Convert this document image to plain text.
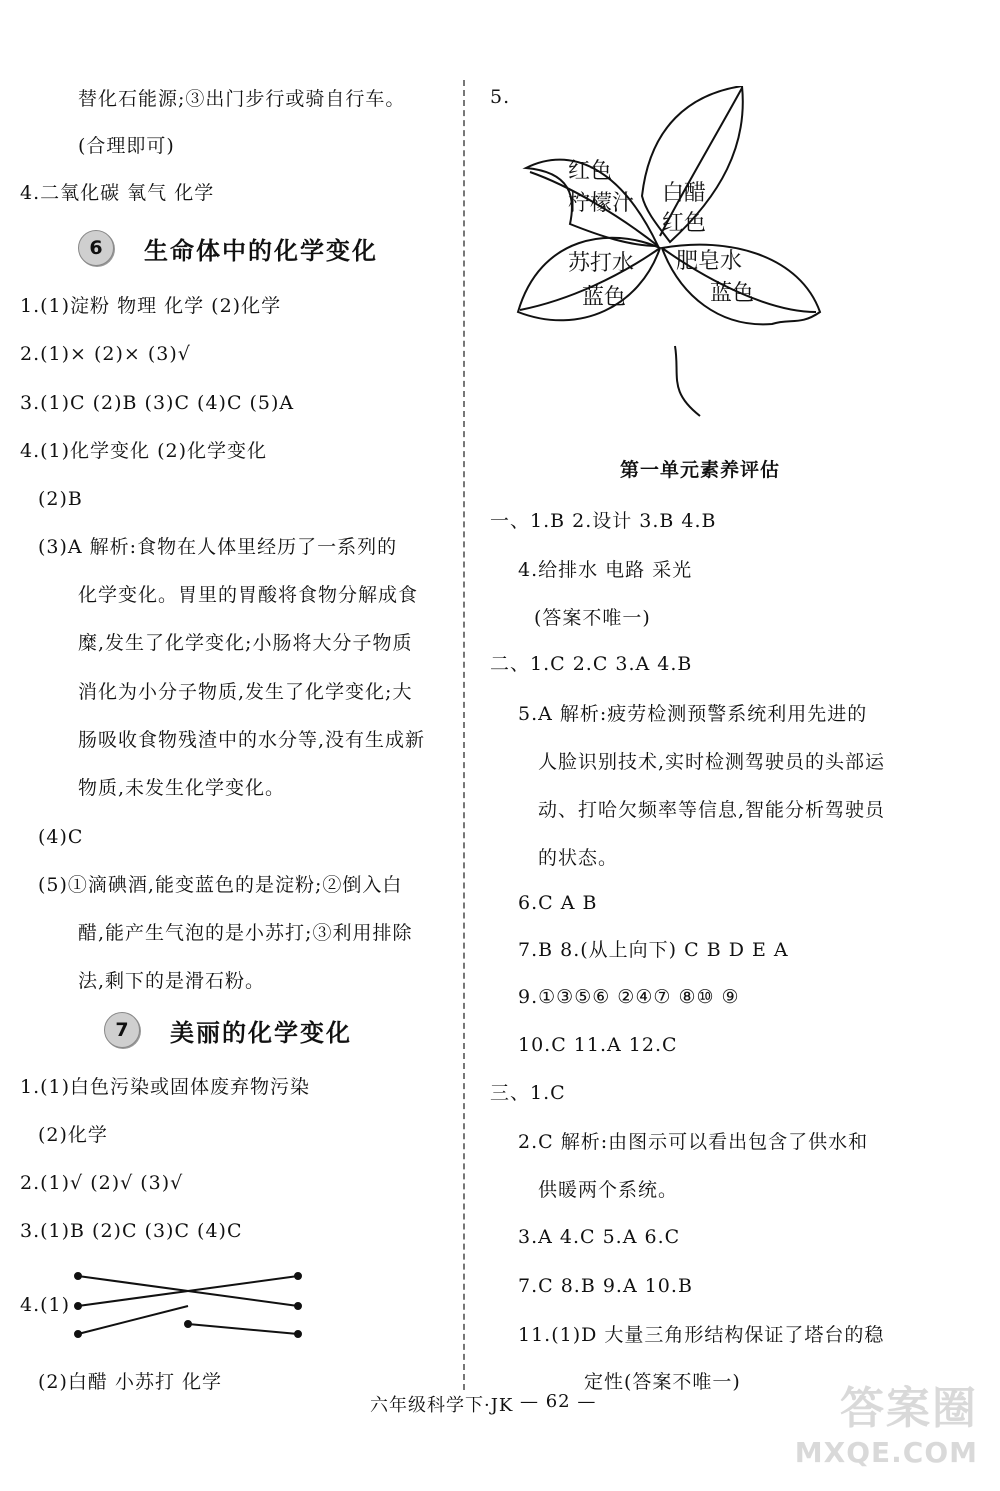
替化石能源;③出门步行或骑自行车。
(合理即可)
4.二氧化碳 氧气 化学
1.(1)淀粉 物理 化学 (2)化学
2.(1)× (2)× (3)√
3.(1)C (2)B (3)C (4)C (5)A
4.(1)化学变化 (2)化学变化
(2)B
(3)A 解析:食物在人体里经历了一系列的
化学变化。胃里的胃酸将食物分解成食
糜,发生了化学变化;小肠将大分子物质
消化为小分子物质,发生了化学变化;大
肠吸收食物残渣中的水分等,没有生成新
物质,未发生化学变化。
(4)C
(5)①滴碘酒,能变蓝色的是淀粉;②倒入白
醋,能产生气泡的是小苏打;③利用排除
法,剩下的是滑石粉。
1.(1)白色污染或固体废弃物污染
(2)化学
2.(1)√ (2)√ (3)√
3.(1)B (2)C (3)C (4)C
4.(1)
(2)白醋 小苏打 化学
6	生命体中的化学变化
7	美丽的化学变化
5.
红色
柠檬汁 白醋
红色
苏打水
蓝色
肥皂水
蓝色
第一单元素养评估
一、1.B 2.设计 3.B 4.B
4.给排水 电路 采光
(答案不唯一)
二、1.C 2.C 3.A 4.B
5.A 解析:疲劳检测预警系统利用先进的
人脸识别技术,实时检测驾驶员的头部运
动、打哈欠频率等信息,智能分析驾驶员
的状态。
6.C A B
7.B 8.(从上向下) C B D E A
9.①③⑤⑥ ②④⑦ ⑧⑩ ⑨
10.C 11.A 12.C
三、1.C
2.C 解析:由图示可以看出包含了供水和
供暖两个系统。
3.A 4.C 5.A 6.C
7.C 8.B 9.A 10.B
11.(1)D 大量三角形结构保证了塔台的稳
定性(答案不唯一)
六年级科学下·JK — 62 —	答案圈
MXQE.COM
